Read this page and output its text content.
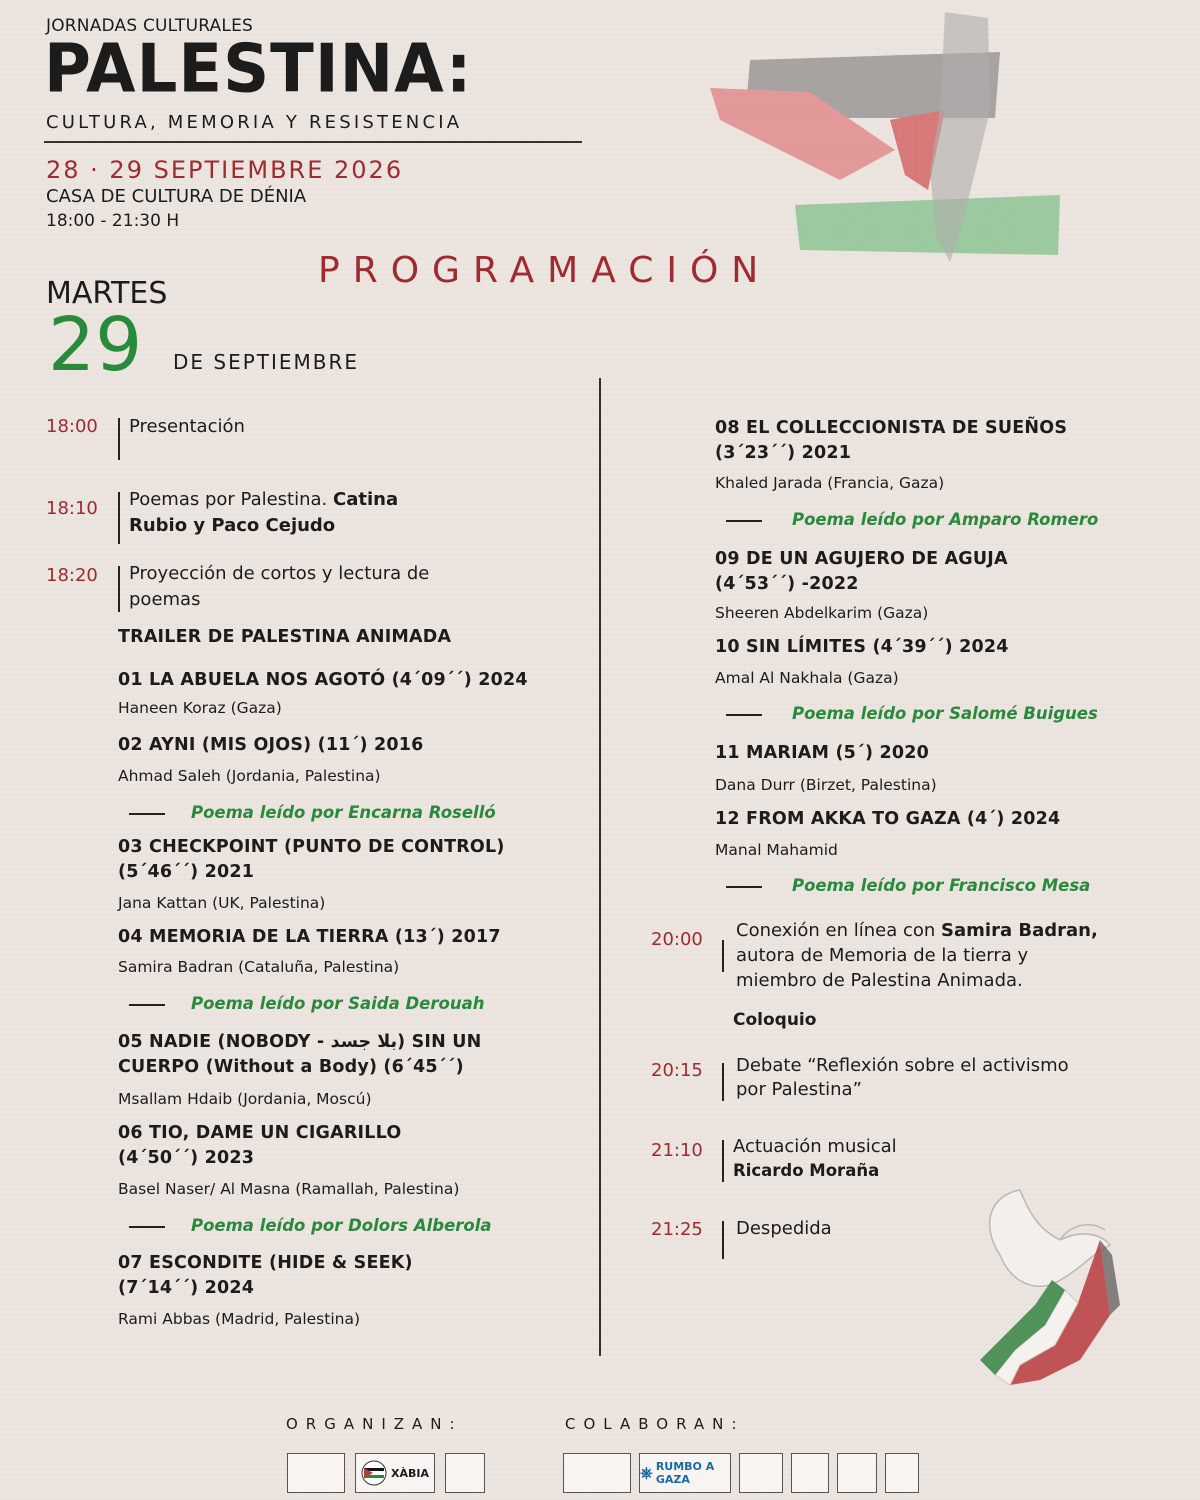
JORNADAS CULTURALES
PALESTINA:
CULTURA, MEMORIA Y RESISTENCIA
28 · 29 SEPTIEMBRE 2026
CASA DE CULTURA DE DÉNIA
18:00 - 21:30 H
PROGRAMACIÓN
MARTES
29 DE SEPTIEMBRE
18:00 Presentación
18:10 Poemas por Palestina. Catina
Rubio y Paco Cejudo
18:20 Proyección de cortos y lectura de
poemas
TRAILER DE PALESTINA ANIMADA
01 LA ABUELA NOS AGOTÓ (4´09´´) 2024
Haneen Koraz (Gaza)
02 AYNI (MIS OJOS) (11´) 2016
Ahmad Saleh (Jordania, Palestina)
Poema leído por Encarna Roselló
03 CHECKPOINT (PUNTO DE CONTROL)
(5´46´´) 2021
Jana Kattan (UK, Palestina)
04 MEMORIA DE LA TIERRA (13´) 2017
Samira Badran (Cataluña, Palestina)
Poema leído por Saida Derouah
05 NADIE (NOBODY - بلا جسد) SIN UN
CUERPO (Without a Body) (6´45´´)
Msallam Hdaib (Jordania, Moscú)
06 TIO, DAME UN CIGARILLO
(4´50´´) 2023
Basel Naser/ Al Masna (Ramallah, Palestina)
Poema leído por Dolors Alberola
07 ESCONDITE (HIDE & SEEK)
(7´14´´) 2024
Rami Abbas (Madrid, Palestina)
08 EL COLLECCIONISTA DE SUEÑOS
(3´23´´) 2021
Khaled Jarada (Francia, Gaza)
Poema leído por Amparo Romero
09 DE UN AGUJERO DE AGUJA
(4´53´´) -2022
Sheeren Abdelkarim (Gaza)
10 SIN LÍMITES (4´39´´) 2024
Amal Al Nakhala (Gaza)
Poema leído por Salomé Buigues
11 MARIAM (5´) 2020
Dana Durr (Birzet, Palestina)
12 FROM AKKA TO GAZA (4´) 2024
Manal Mahamid
Poema leído por Francisco Mesa
20:00 Conexión en línea con Samira Badran,
autora de Memoria de la tierra y
miembro de Palestina Animada.
Coloquio
20:15 Debate “Reflexión sobre el activismo
por Palestina”
21:10 Actuación musical
Ricardo Moraña
21:25 Despedida
ORGANIZAN:	COLABORAN:
XÀBIA	⎈ RUMBO A GAZA
